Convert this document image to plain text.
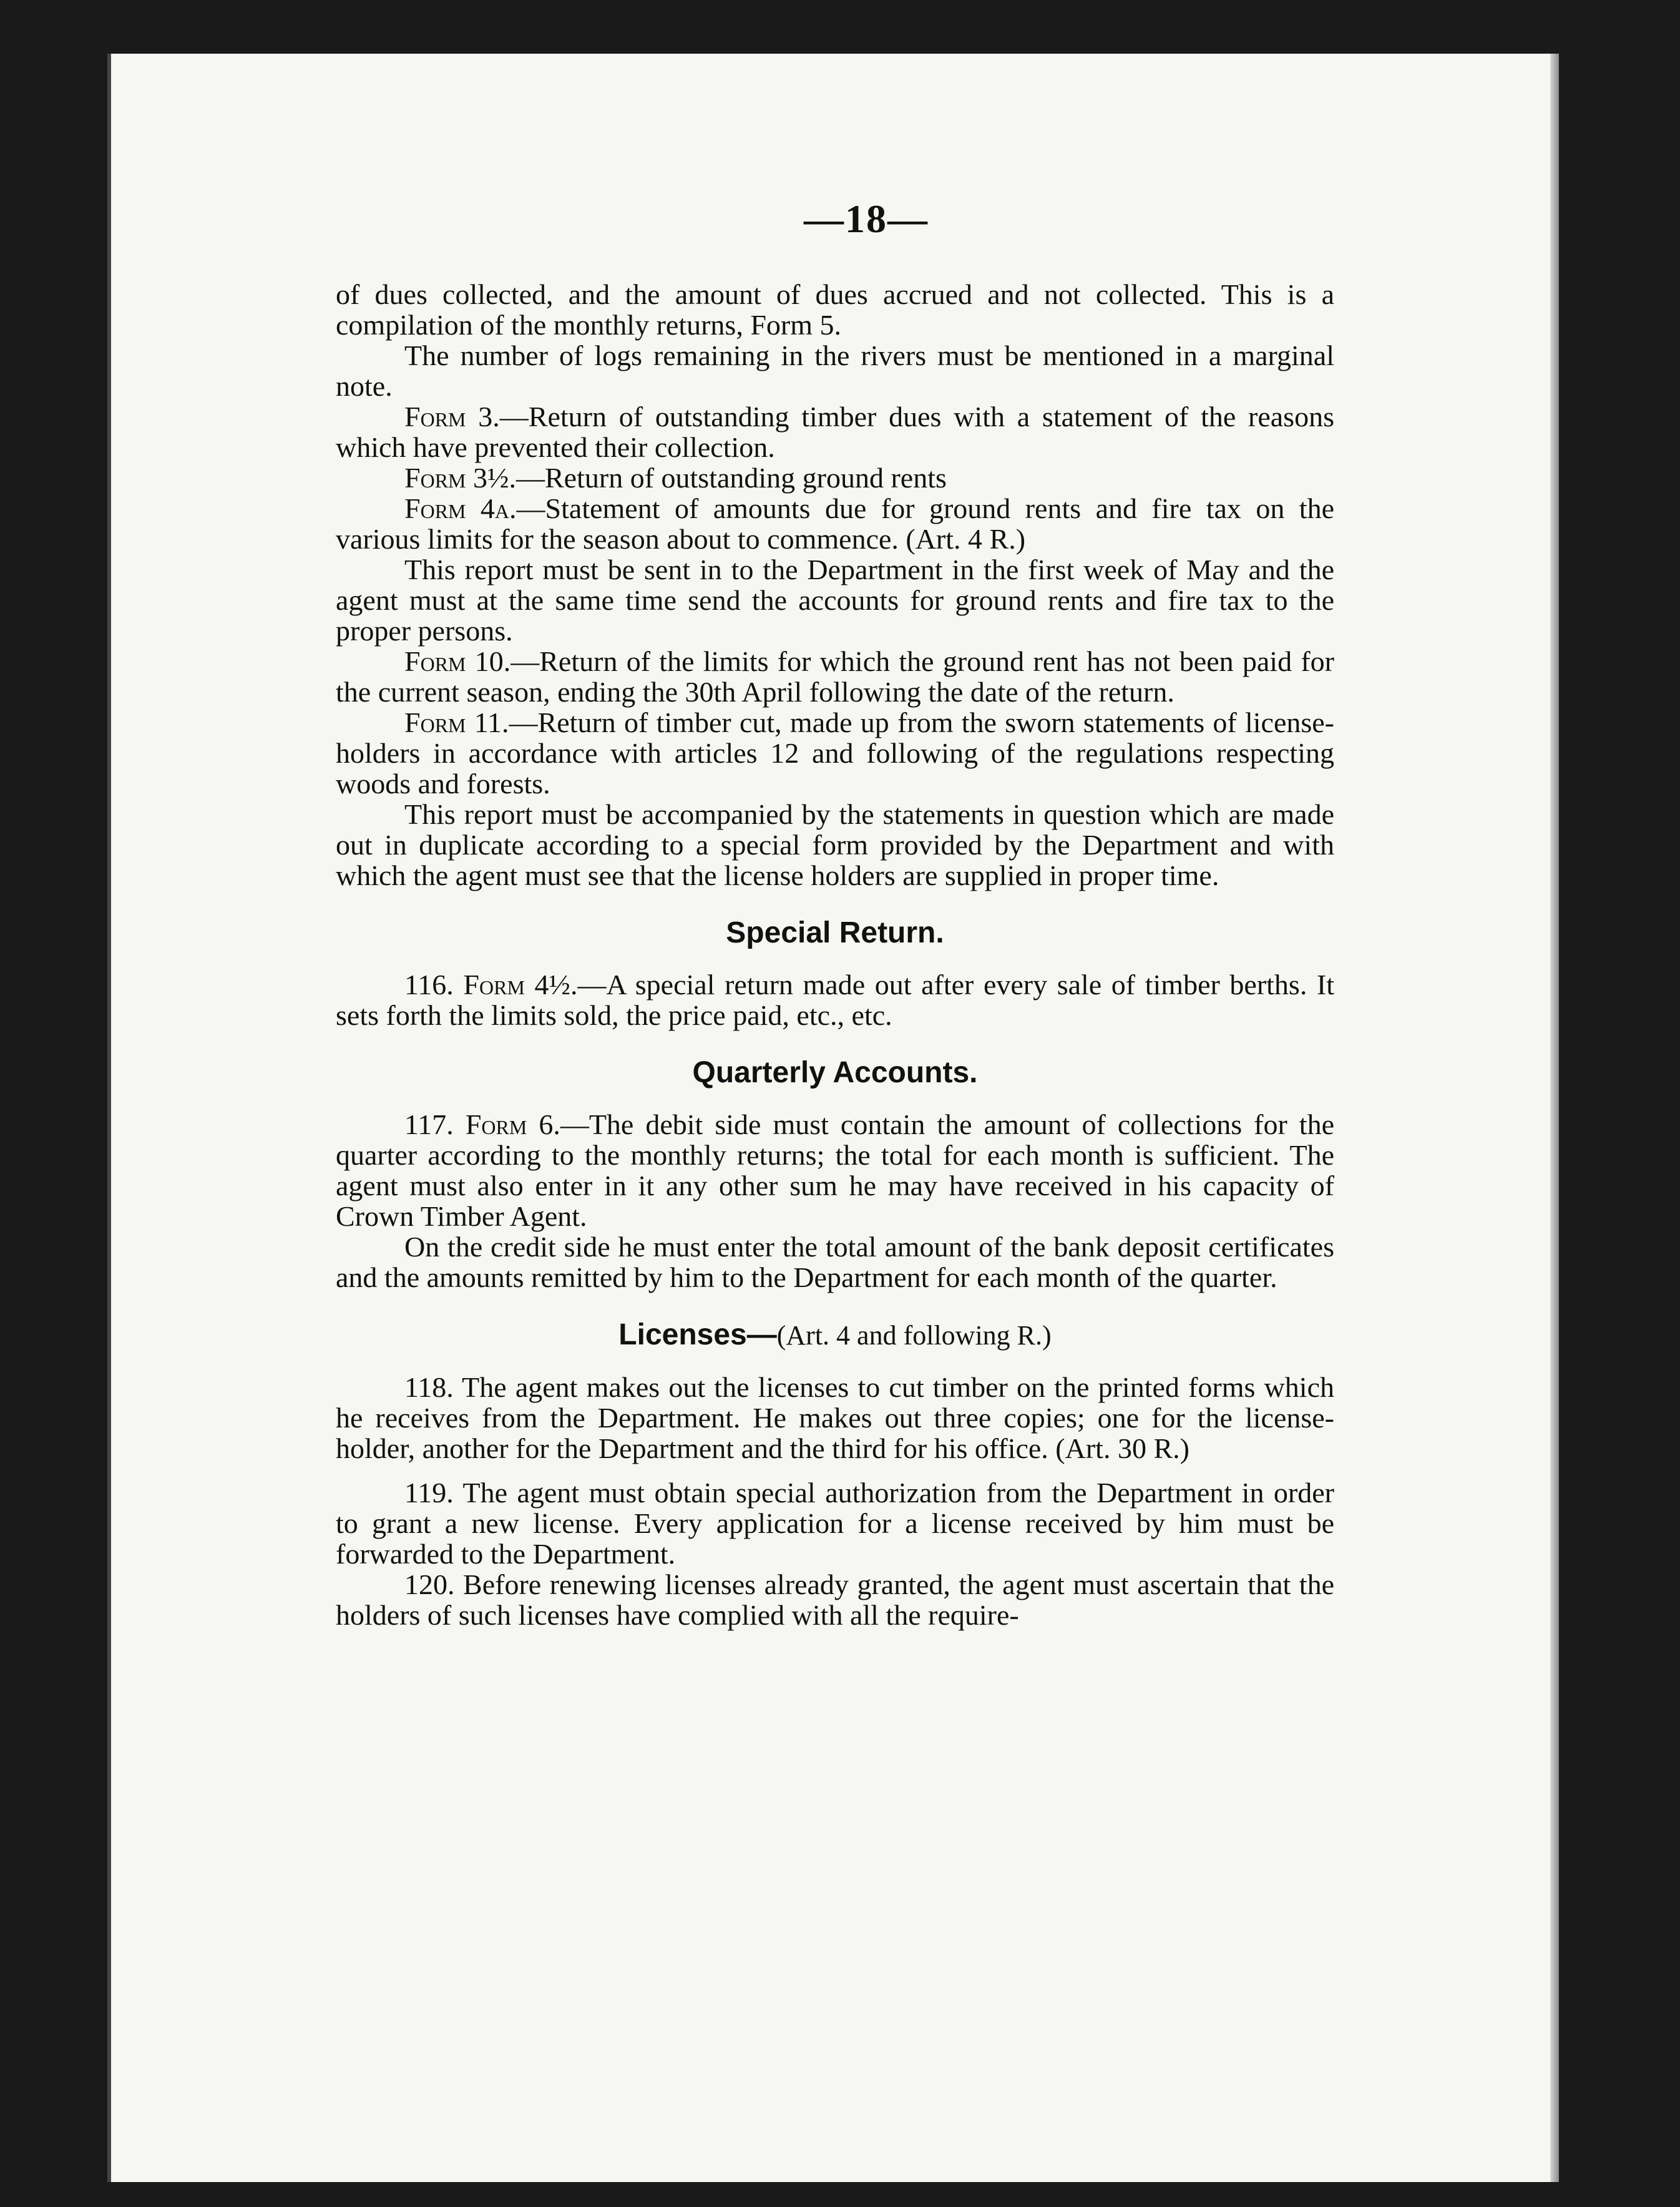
—18—

of dues collected, and the amount of dues accrued and not collected. This is a compilation of the monthly returns, Form 5.

The number of logs remaining in the rivers must be mentioned in a marginal note.

Form 3.—Return of outstanding timber dues with a statement of the reasons which have prevented their collection.

Form 3½.—Return of outstanding ground rents

Form 4a.—Statement of amounts due for ground rents and fire tax on the various limits for the season about to commence. (Art. 4 R.)

This report must be sent in to the Department in the first week of May and the agent must at the same time send the accounts for ground rents and fire tax to the proper persons.

Form 10.—Return of the limits for which the ground rent has not been paid for the current season, ending the 30th April following the date of the return.

Form 11.—Return of timber cut, made up from the sworn statements of license-holders in accordance with articles 12 and following of the regulations respecting woods and forests.

This report must be accompanied by the statements in question which are made out in duplicate according to a special form provided by the Department and with which the agent must see that the license holders are supplied in proper time.

Special Return.

116. Form 4½.—A special return made out after every sale of timber berths. It sets forth the limits sold, the price paid, etc., etc.

Quarterly Accounts.

117. Form 6.—The debit side must contain the amount of collections for the quarter according to the monthly returns; the total for each month is sufficient. The agent must also enter in it any other sum he may have received in his capacity of Crown Timber Agent.

On the credit side he must enter the total amount of the bank deposit certificates and the amounts remitted by him to the Department for each month of the quarter.

Licenses—(Art. 4 and following R.)

118. The agent makes out the licenses to cut timber on the printed forms which he receives from the Department. He makes out three copies; one for the license-holder, another for the Department and the third for his office. (Art. 30 R.)

119. The agent must obtain special authorization from the Department in order to grant a new license. Every application for a license received by him must be forwarded to the Department.

120. Before renewing licenses already granted, the agent must ascertain that the holders of such licenses have complied with all the require-
